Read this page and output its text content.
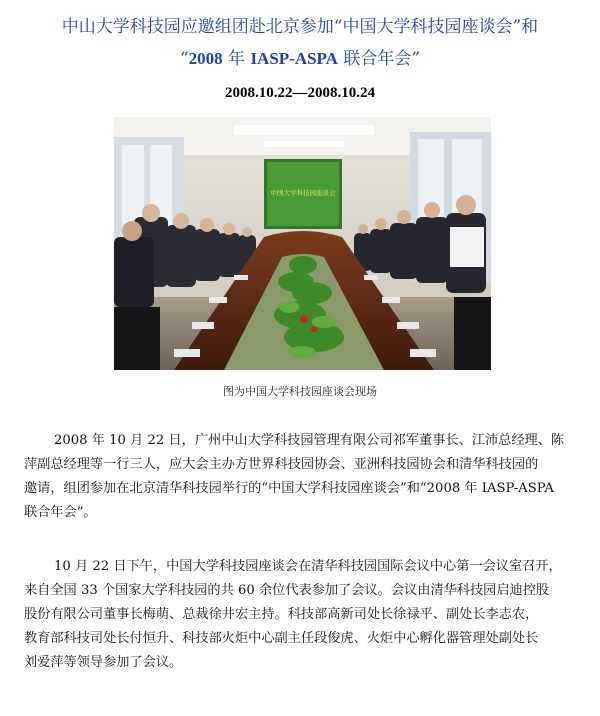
中山大学科技园应邀组团赴北京参加“中国大学科技园座谈会”和
“2008 年 IASP-ASPA 联合年会”
2008.10.22—2008.10.24
中国大学科技园座谈会
图为中国大学科技园座谈会现场
2008 年 10 月 22 日，广州中山大学科技园管理有限公司祁军董事长、江沛总经理、陈
萍副总经理等一行三人，应大会主办方世界科技园协会、亚洲科技园协会和清华科技园的
邀请，组团参加在北京清华科技园举行的“中国大学科技园座谈会”和“2008 年 IASP-ASPA
联合年会”。
10 月 22 日下午，中国大学科技园座谈会在清华科技园国际会议中心第一会议室召开，
来自全国 33 个国家大学科技园的共 60 余位代表参加了会议。会议由清华科技园启迪控股
股份有限公司董事长梅萌、总裁徐井宏主持。科技部高新司处长徐禄平、副处长李志农，
教育部科技司处长付恒升、科技部火炬中心副主任段俊虎、火炬中心孵化器管理处副处长
刘爱萍等领导参加了会议。
